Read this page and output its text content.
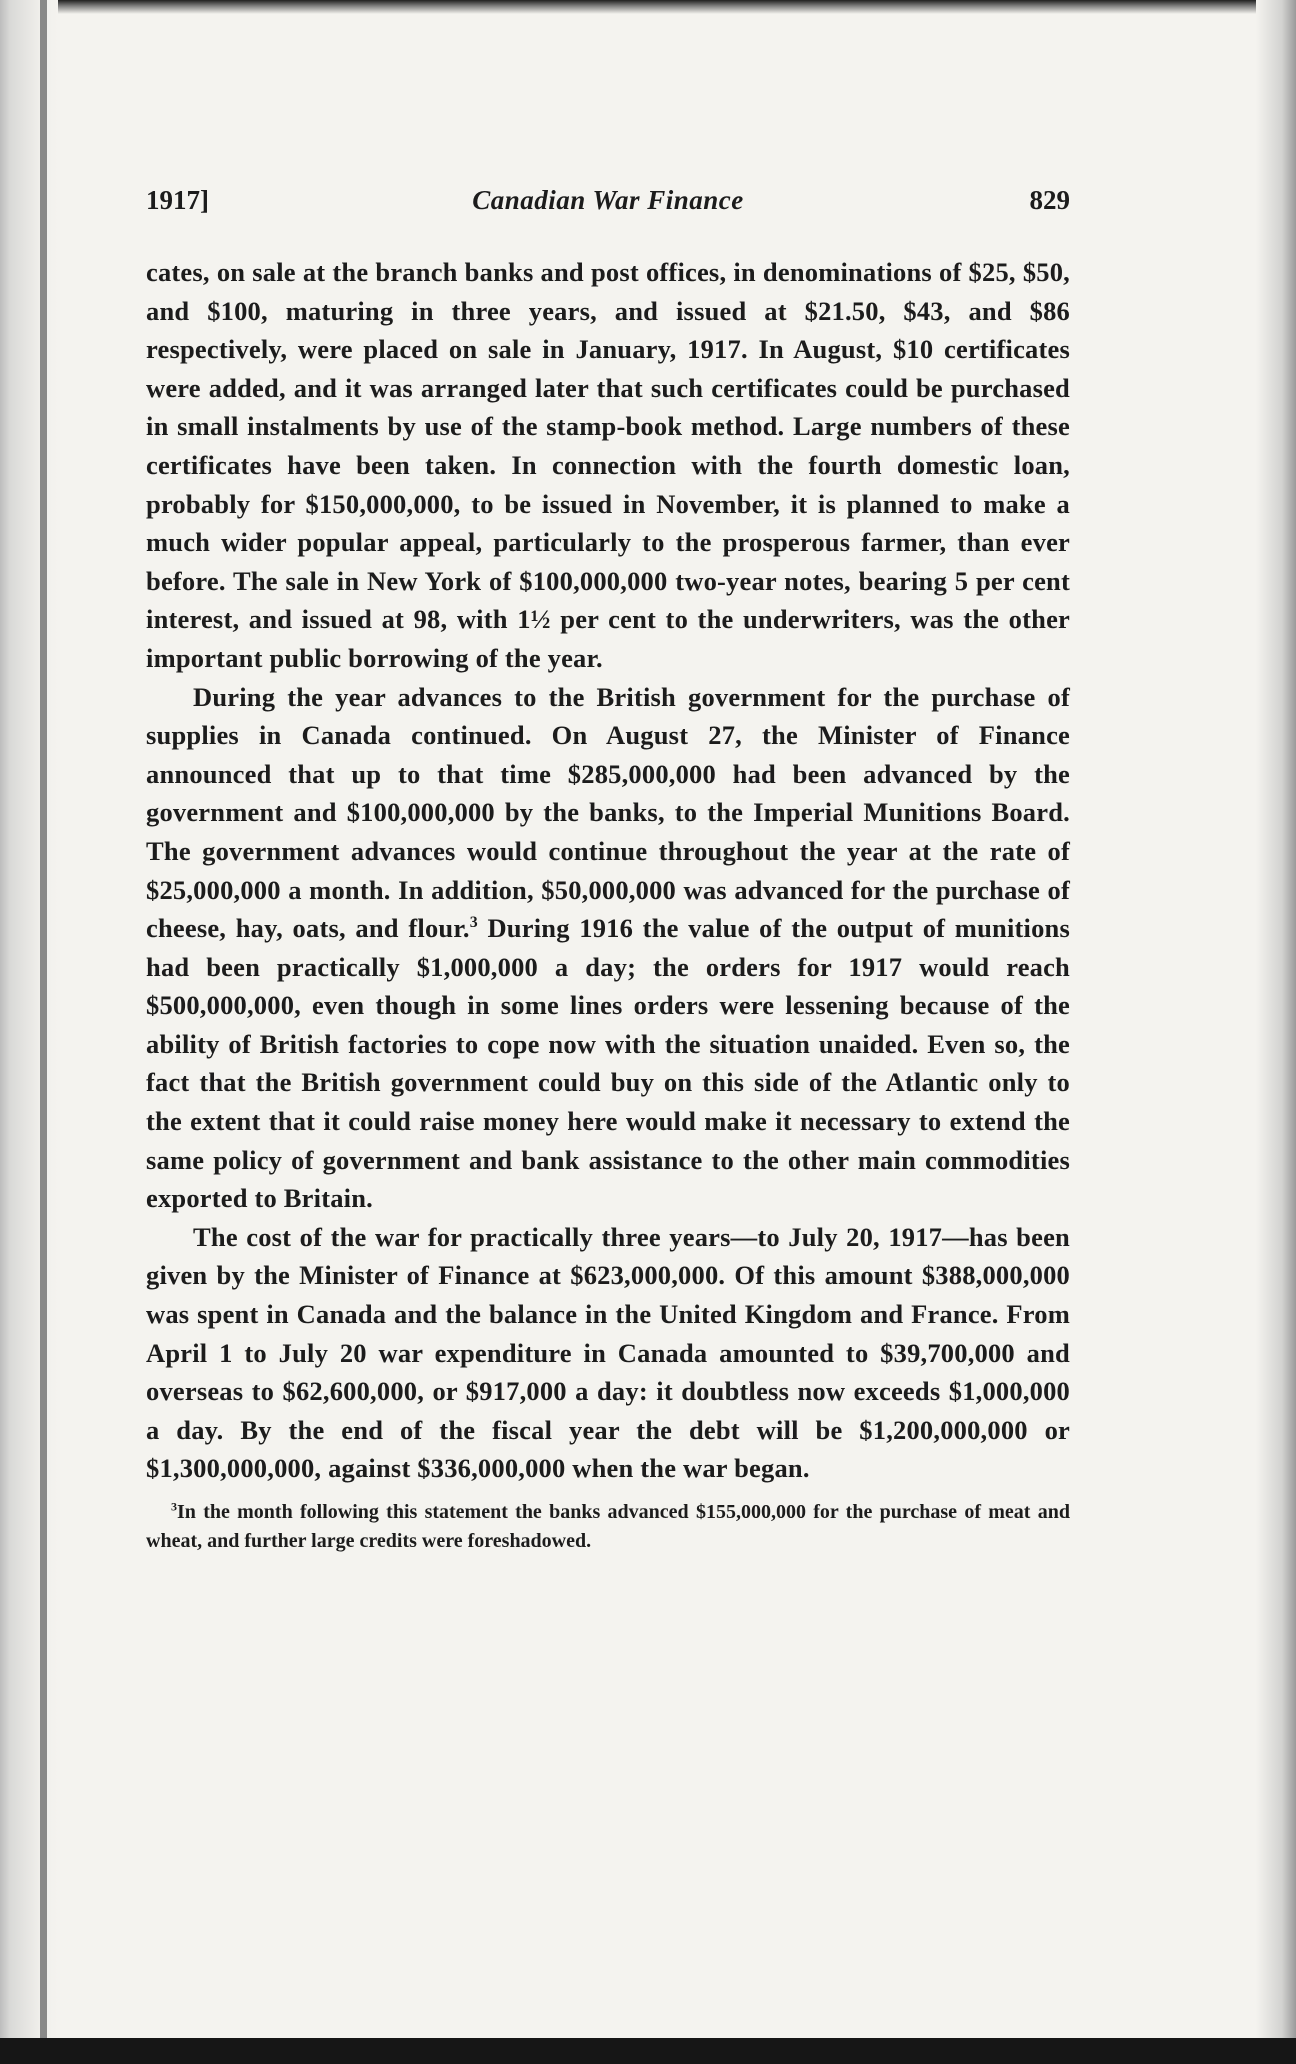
1917]	Canadian War Finance	829

cates, on sale at the branch banks and post offices, in denominations of $25, $50, and $100, maturing in three years, and issued at $21.50, $43, and $86 respectively, were placed on sale in January, 1917. In August, $10 certificates were added, and it was arranged later that such certificates could be purchased in small instalments by use of the stamp-book method. Large numbers of these certificates have been taken. In connection with the fourth domestic loan, probably for $150,000,000, to be issued in November, it is planned to make a much wider popular appeal, particularly to the prosperous farmer, than ever before. The sale in New York of $100,000,000 two-year notes, bearing 5 per cent interest, and issued at 98, with 1½ per cent to the underwriters, was the other important public borrowing of the year.

During the year advances to the British government for the purchase of supplies in Canada continued. On August 27, the Minister of Finance announced that up to that time $285,000,000 had been advanced by the government and $100,000,000 by the banks, to the Imperial Munitions Board. The government advances would continue throughout the year at the rate of $25,000,000 a month. In addition, $50,000,000 was advanced for the purchase of cheese, hay, oats, and flour.$^3$ During 1916 the value of the output of munitions had been practically $1,000,000 a day; the orders for 1917 would reach $500,000,000, even though in some lines orders were lessening because of the ability of British factories to cope now with the situation unaided. Even so, the fact that the British government could buy on this side of the Atlantic only to the extent that it could raise money here would make it necessary to extend the same policy of government and bank assistance to the other main commodities exported to Britain.

The cost of the war for practically three years—to July 20, 1917—has been given by the Minister of Finance at $623,000,000. Of this amount $388,000,000 was spent in Canada and the balance in the United Kingdom and France. From April 1 to July 20 war expenditure in Canada amounted to $39,700,000 and overseas to $62,600,000, or $917,000 a day: it doubtless now exceeds $1,000,000 a day. By the end of the fiscal year the debt will be $1,200,000,000 or $1,300,000,000, against $336,000,000 when the war began.

$^3$In the month following this statement the banks advanced $155,000,000 for the purchase of meat and wheat, and further large credits were foreshadowed.
